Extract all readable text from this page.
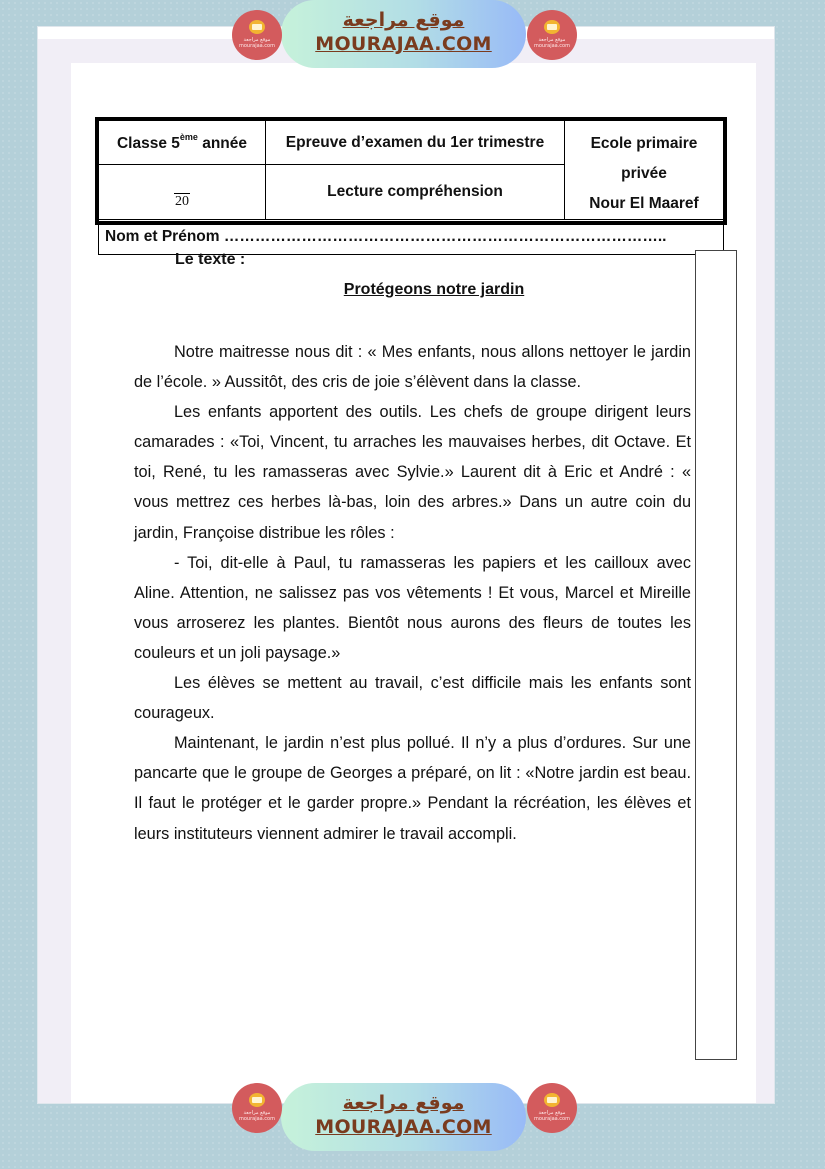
موقع مراجعة
mourajaa.com
موقع مراجعة
MOURAJAA.COM	موقع مراجعة
mourajaa.com
Classe 5ème année	Epreuve d’examen du 1er trimestre	Ecole primaire privée
Nour El Maaref

20	Lecture compréhension	
Nom et Prénom …………………………………………………………………………..		
Le texte :
Protégeons notre jardin

Notre maitresse nous dit : « Mes enfants, nous allons nettoyer le jardin de l’école. » Aussitôt, des cris de joie s’élèvent dans la classe.

Les enfants apportent des outils. Les chefs de groupe dirigent leurs camarades : «Toi, Vincent, tu arraches les mauvaises herbes, dit Octave. Et toi, René, tu les ramasseras avec Sylvie.» Laurent dit à Eric et André : « vous mettrez ces herbes là-bas, loin des arbres.» Dans un autre coin du jardin, Françoise distribue les rôles :

- Toi, dit-elle à Paul, tu ramasseras les papiers et les cailloux avec Aline. Attention, ne salissez pas vos vêtements ! Et vous, Marcel et Mireille vous arroserez les plantes. Bientôt nous aurons des fleurs de toutes les couleurs et un joli paysage.»

Les élèves se mettent au travail, c’est difficile mais les enfants sont courageux.

Maintenant, le jardin n’est plus pollué. Il n’y a plus d’ordures. Sur une pancarte que le groupe de Georges a préparé, on lit : «Notre jardin est beau. Il faut le protéger et le garder propre.» Pendant la récréation, les élèves et leurs instituteurs viennent admirer le travail accompli.

موقع مراجعة
mourajaa.com
موقع مراجعة
MOURAJAA.COM
موقع مراجعة
mourajaa.com
